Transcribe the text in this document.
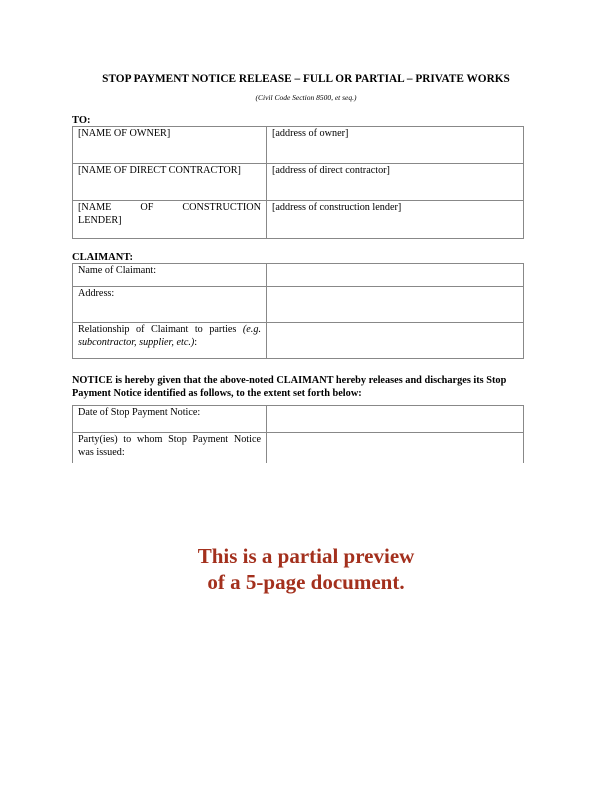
STOP PAYMENT NOTICE RELEASE – FULL OR PARTIAL – PRIVATE WORKS
(Civil Code Section 8500, et seq.)
TO:
[NAME OF OWNER]	[address of owner]
[NAME OF DIRECT CONTRACTOR]	[address of direct contractor]

[NAME OF CONSTRUCTION
LENDER]	[address of construction lender]
CLAIMANT:
Name of Claimant:	
Address:	
Relationship of Claimant to parties (e.g. subcontractor, supplier, etc.):	
NOTICE is hereby given that the above-noted CLAIMANT hereby releases and discharges its Stop Payment Notice identified as follows, to the extent set forth below:
Date of Stop Payment Notice:	
Party(ies) to whom Stop Payment Notice was issued:	
This is a partial preview
of a 5-page document.
